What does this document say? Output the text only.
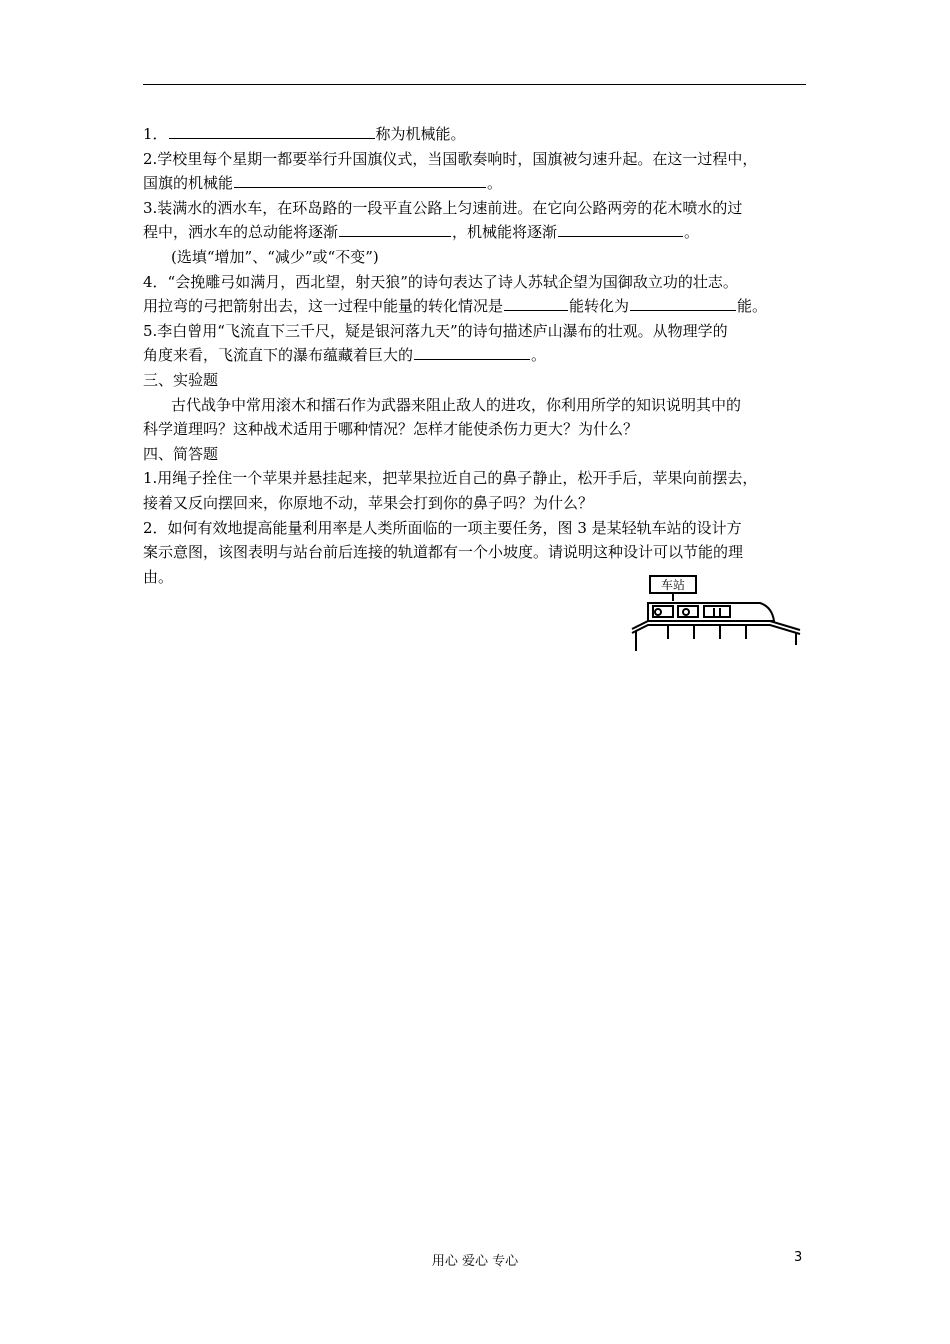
1．	称为机械能。
2.学校里每个星期一都要举行升国旗仪式，当国歌奏响时，国旗被匀速升起。在这一过程中，
国旗的机械能	。
3.装满水的洒水车，在环岛路的一段平直公路上匀速前进。在它向公路两旁的花木喷水的过
程中，洒水车的总动能将逐渐	，机械能将逐渐	。
(选填“增加”、“减少”或“不变”)
4．“会挽雕弓如满月，西北望，射天狼”的诗句表达了诗人苏轼企望为国御敌立功的壮志。
用拉弯的弓把箭射出去，这一过程中能量的转化情况是	能转化为	能。
5.李白曾用“飞流直下三千尺，疑是银河落九天”的诗句描述庐山瀑布的壮观。从物理学的
角度来看，飞流直下的瀑布蕴藏着巨大的	。
三、实验题
古代战争中常用滚木和擂石作为武器来阻止敌人的进攻，你利用所学的知识说明其中的
科学道理吗？这种战术适用于哪种情况？怎样才能使杀伤力更大？为什么？
四、简答题
1.用绳子拴住一个苹果并悬挂起来，把苹果拉近自己的鼻子静止，松开手后，苹果向前摆去，
接着又反向摆回来，你原地不动，苹果会打到你的鼻子吗？为什么？
2．如何有效地提高能量利用率是人类所面临的一项主要任务，图 3 是某轻轨车站的设计方
案示意图，该图表明与站台前后连接的轨道都有一个小坡度。请说明这种设计可以节能的理
由。	车站
用心 爱心 专心	3
